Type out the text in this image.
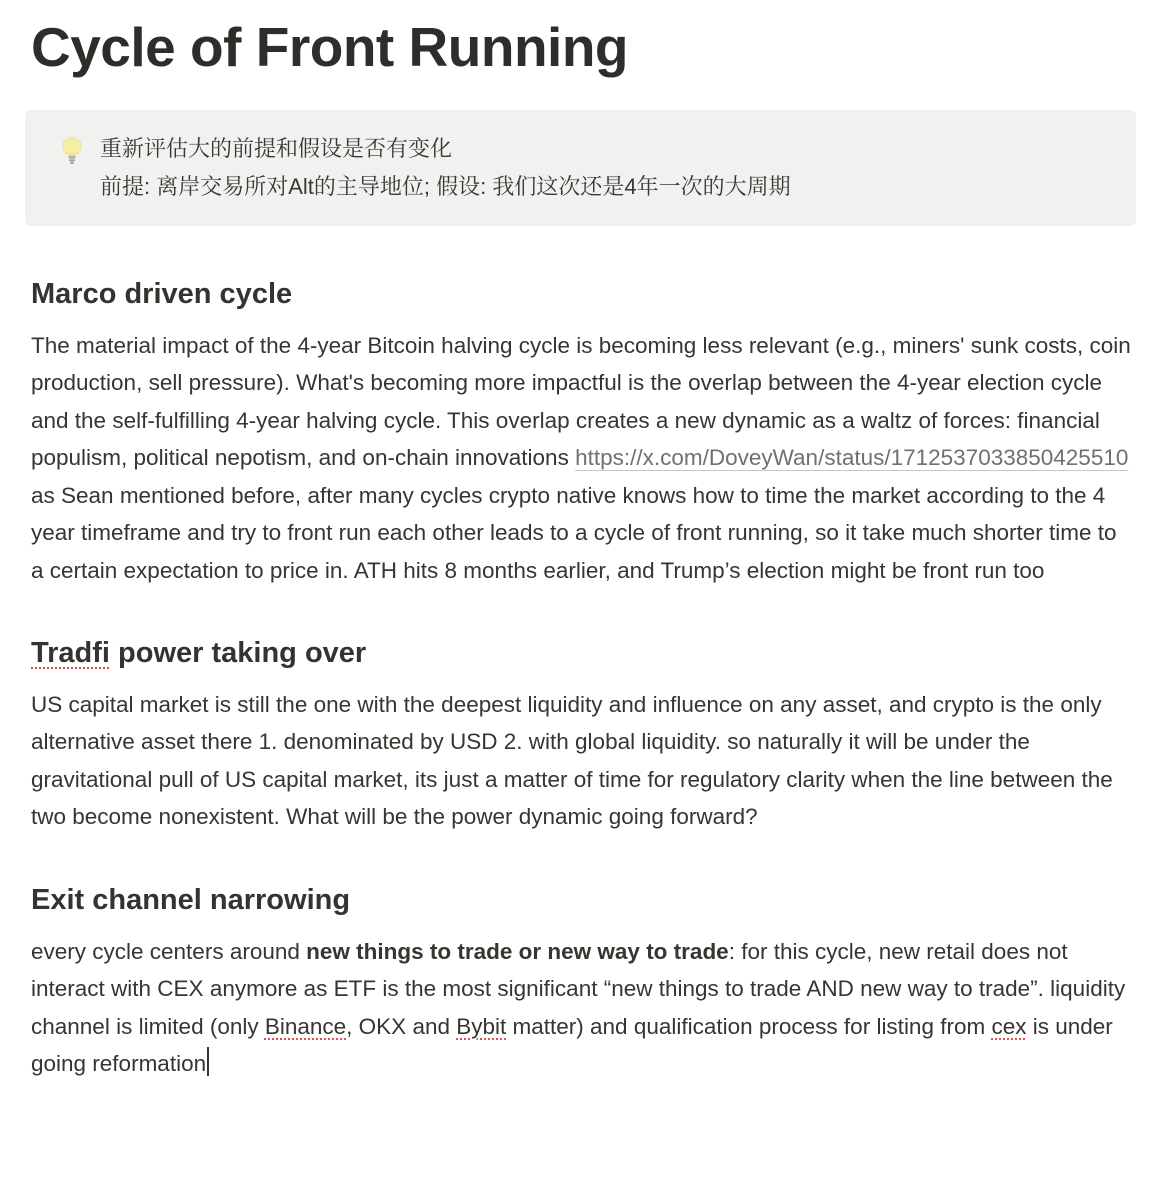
Cycle of Front Running
重新评估大的前提和假设是否有变化
前提: 离岸交易所对Alt的主导地位; 假设: 我们这次还是4年一次的大周期
Marco driven cycle

The material impact of the 4-year Bitcoin halving cycle is becoming less relevant (e.g., miners' sunk costs, coin production, sell pressure). What's becoming more impactful is the overlap between the 4-year election cycle and the self-fulfilling 4-year halving cycle. This overlap creates a new dynamic as a waltz of forces: financial populism, political nepotism, and on-chain innovations https://x.com/DoveyWan/status/1712537033850425510 as Sean mentioned before, after many cycles crypto native knows how to time the market according to the 4 year timeframe and try to front run each other leads to a cycle of front running, so it take much shorter time to a certain expectation to price in. ATH hits 8 months earlier, and Trump’s election might be front run too

Tradfi power taking over

US capital market is still the one with the deepest liquidity and influence on any asset, and crypto is the only alternative asset there 1. denominated by USD 2. with global liquidity. so naturally it will be under the gravitational pull of US capital market, its just a matter of time for regulatory clarity when the line between the two become nonexistent. What will be the power dynamic going forward?

Exit channel narrowing

every cycle centers around new things to trade or new way to trade: for this cycle, new retail does not interact with CEX anymore as ETF is the most significant “new things to trade AND new way to trade”. liquidity channel is limited (only Binance, OKX and Bybit matter) and qualification process for listing from cex is under going reformation
